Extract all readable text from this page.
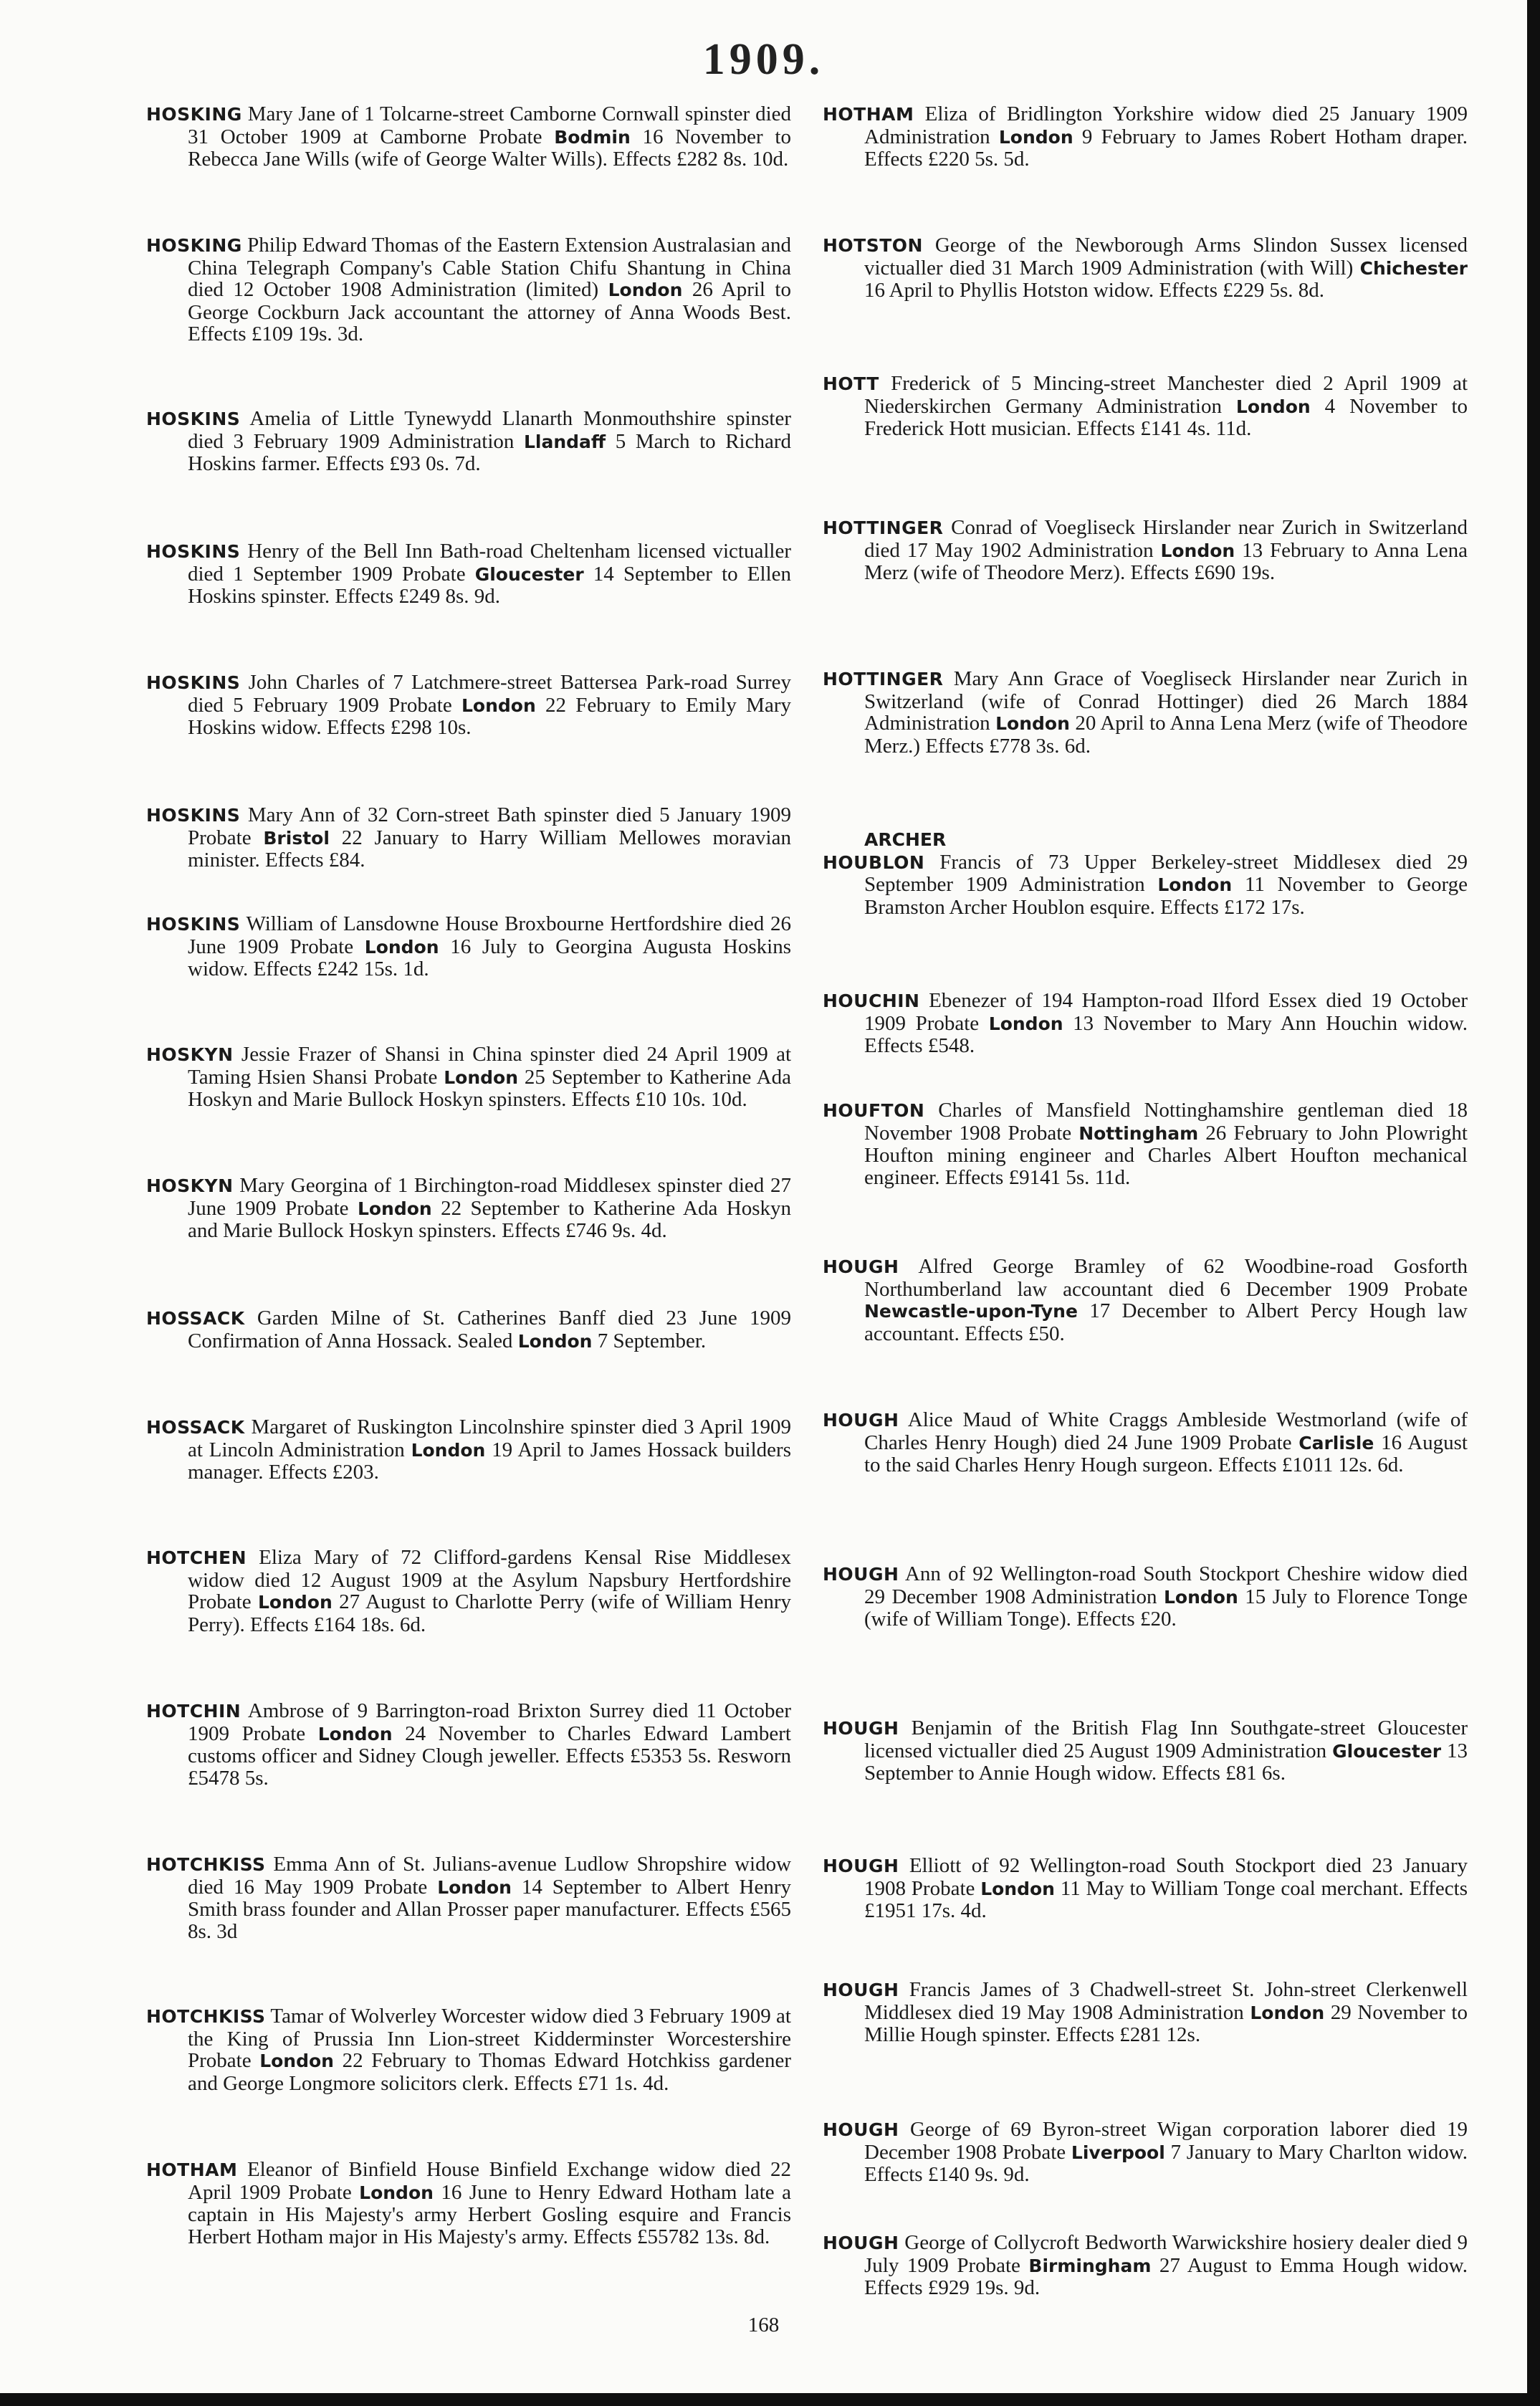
1909.
HOSKING Mary Jane of 1 Tolcarne-street Camborne Cornwall spinster died 31 October 1909 at Camborne Probate Bodmin 16 November to Rebecca Jane Wills (wife of George Walter Wills). Effects £282 8s. 10d.
HOSKING Philip Edward Thomas of the Eastern Extension Australasian and China Telegraph Company's Cable Station Chifu Shantung in China died 12 October 1908 Administration (limited) London 26 April to George Cockburn Jack accountant the attorney of Anna Woods Best. Effects £109 19s. 3d.
HOSKINS Amelia of Little Tynewydd Llanarth Monmouthshire spinster died 3 February 1909 Administration Llandaff 5 March to Richard Hoskins farmer. Effects £93 0s. 7d.
HOSKINS Henry of the Bell Inn Bath-road Cheltenham licensed victualler died 1 September 1909 Probate Gloucester 14 September to Ellen Hoskins spinster. Effects £249 8s. 9d.
HOSKINS John Charles of 7 Latchmere-street Battersea Park-road Surrey died 5 February 1909 Probate London 22 February to Emily Mary Hoskins widow. Effects £298 10s.
HOSKINS Mary Ann of 32 Corn-street Bath spinster died 5 January 1909 Probate Bristol 22 January to Harry William Mellowes moravian minister. Effects £84.
HOSKINS William of Lansdowne House Broxbourne Hertfordshire died 26 June 1909 Probate London 16 July to Georgina Augusta Hoskins widow. Effects £242 15s. 1d.
HOSKYN Jessie Frazer of Shansi in China spinster died 24 April 1909 at Taming Hsien Shansi Probate London 25 September to Katherine Ada Hoskyn and Marie Bullock Hoskyn spinsters. Effects £10 10s. 10d.
HOSKYN Mary Georgina of 1 Birchington-road Middlesex spinster died 27 June 1909 Probate London 22 September to Katherine Ada Hoskyn and Marie Bullock Hoskyn spinsters. Effects £746 9s. 4d.
HOSSACK Garden Milne of St. Catherines Banff died 23 June 1909 Confirmation of Anna Hossack. Sealed London 7 September.
HOSSACK Margaret of Ruskington Lincolnshire spinster died 3 April 1909 at Lincoln Administration London 19 April to James Hossack builders manager. Effects £203.
HOTCHEN Eliza Mary of 72 Clifford-gardens Kensal Rise Middlesex widow died 12 August 1909 at the Asylum Napsbury Hertfordshire Probate London 27 August to Charlotte Perry (wife of William Henry Perry). Effects £164 18s. 6d.
HOTCHIN Ambrose of 9 Barrington-road Brixton Surrey died 11 October 1909 Probate London 24 November to Charles Edward Lambert customs officer and Sidney Clough jeweller. Effects £5353 5s. Resworn £5478 5s.
HOTCHKISS Emma Ann of St. Julians-avenue Ludlow Shropshire widow died 16 May 1909 Probate London 14 September to Albert Henry Smith brass founder and Allan Prosser paper manufacturer. Effects £565 8s. 3d
HOTCHKISS Tamar of Wolverley Worcester widow died 3 February 1909 at the King of Prussia Inn Lion-street Kidderminster Worcestershire Probate London 22 February to Thomas Edward Hotchkiss gardener and George Longmore solicitors clerk. Effects £71 1s. 4d.
HOTHAM Eleanor of Binfield House Binfield Exchange widow died 22 April 1909 Probate London 16 June to Henry Edward Hotham late a captain in His Majesty's army Herbert Gosling esquire and Francis Herbert Hotham major in His Majesty's army. Effects £55782 13s. 8d.
HOTHAM Eliza of Bridlington Yorkshire widow died 25 January 1909 Administration London 9 February to James Robert Hotham draper. Effects £220 5s. 5d.
HOTSTON George of the Newborough Arms Slindon Sussex licensed victualler died 31 March 1909 Administration (with Will) Chichester 16 April to Phyllis Hotston widow. Effects £229 5s. 8d.
HOTT Frederick of 5 Mincing-street Manchester died 2 April 1909 at Niederskirchen Germany Administration London 4 November to Frederick Hott musician. Effects £141 4s. 11d.
HOTTINGER Conrad of Voegliseck Hirslander near Zurich in Switzerland died 17 May 1902 Administration London 13 February to Anna Lena Merz (wife of Theodore Merz). Effects £690 19s.
HOTTINGER Mary Ann Grace of Voegliseck Hirslander near Zurich in Switzerland (wife of Conrad Hottinger) died 26 March 1884 Administration London 20 April to Anna Lena Merz (wife of Theodore Merz.) Effects £778 3s. 6d.
ARCHER
HOUBLON Francis of 73 Upper Berkeley-street Middlesex died 29 September 1909 Administration London 11 November to George Bramston Archer Houblon esquire. Effects £172 17s.
HOUCHIN Ebenezer of 194 Hampton-road Ilford Essex died 19 October 1909 Probate London 13 November to Mary Ann Houchin widow. Effects £548.
HOUFTON Charles of Mansfield Nottinghamshire gentleman died 18 November 1908 Probate Nottingham 26 February to John Plowright Houfton mining engineer and Charles Albert Houfton mechanical engineer. Effects £9141 5s. 11d.
HOUGH Alfred George Bramley of 62 Woodbine-road Gosforth Northumberland law accountant died 6 December 1909 Probate Newcastle-upon-Tyne 17 December to Albert Percy Hough law accountant. Effects £50.
HOUGH Alice Maud of White Craggs Ambleside Westmorland (wife of Charles Henry Hough) died 24 June 1909 Probate Carlisle 16 August to the said Charles Henry Hough surgeon. Effects £1011 12s. 6d.
HOUGH Ann of 92 Wellington-road South Stockport Cheshire widow died 29 December 1908 Administration London 15 July to Florence Tonge (wife of William Tonge). Effects £20.
HOUGH Benjamin of the British Flag Inn Southgate-street Gloucester licensed victualler died 25 August 1909 Administration Gloucester 13 September to Annie Hough widow. Effects £81 6s.
HOUGH Elliott of 92 Wellington-road South Stockport died 23 January 1908 Probate London 11 May to William Tonge coal merchant. Effects £1951 17s. 4d.
HOUGH Francis James of 3 Chadwell-street St. John-street Clerkenwell Middlesex died 19 May 1908 Administration London 29 November to Millie Hough spinster. Effects £281 12s.
HOUGH George of 69 Byron-street Wigan corporation laborer died 19 December 1908 Probate Liverpool 7 January to Mary Charlton widow. Effects £140 9s. 9d.
HOUGH George of Collycroft Bedworth Warwickshire hosiery dealer died 9 July 1909 Probate Birmingham 27 August to Emma Hough widow. Effects £929 19s. 9d.
168
